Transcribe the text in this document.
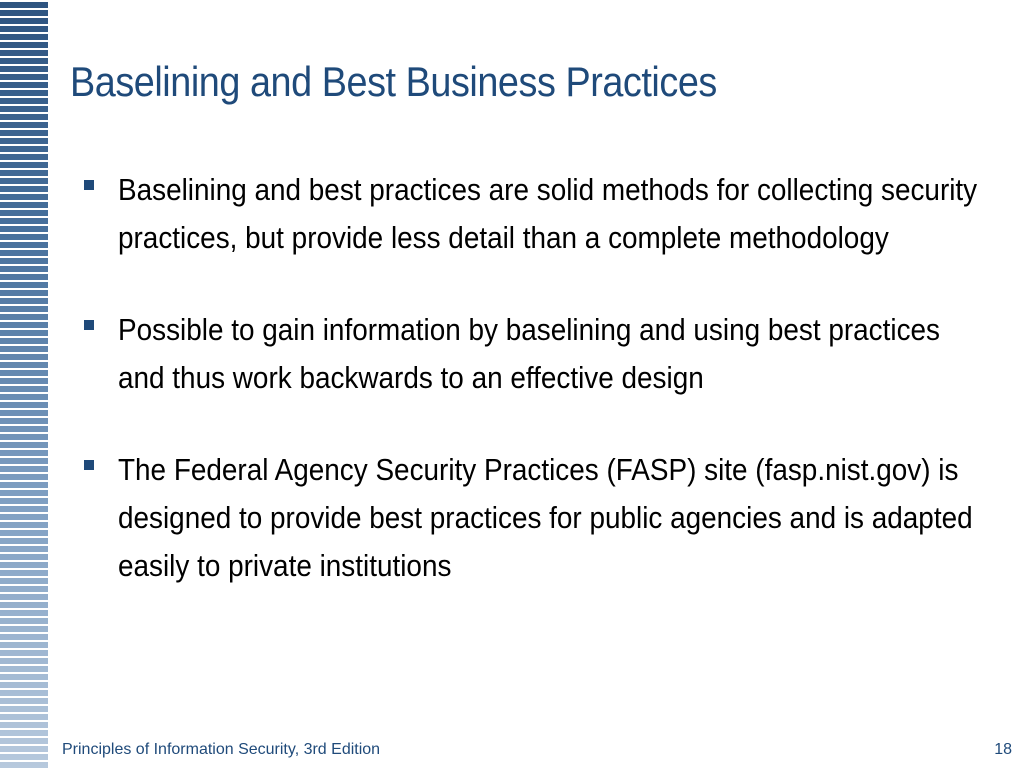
Baselining and Best Business Practices
Baselining and best practices are solid methods for collecting security practices, but provide less detail than a complete methodology
Possible to gain information by baselining and using best practices and thus work backwards to an effective design
The Federal Agency Security Practices (FASP) site (fasp.nist.gov) is designed to provide best practices for public agencies and is adapted easily to private institutions
Principles of Information Security, 3rd Edition	18
